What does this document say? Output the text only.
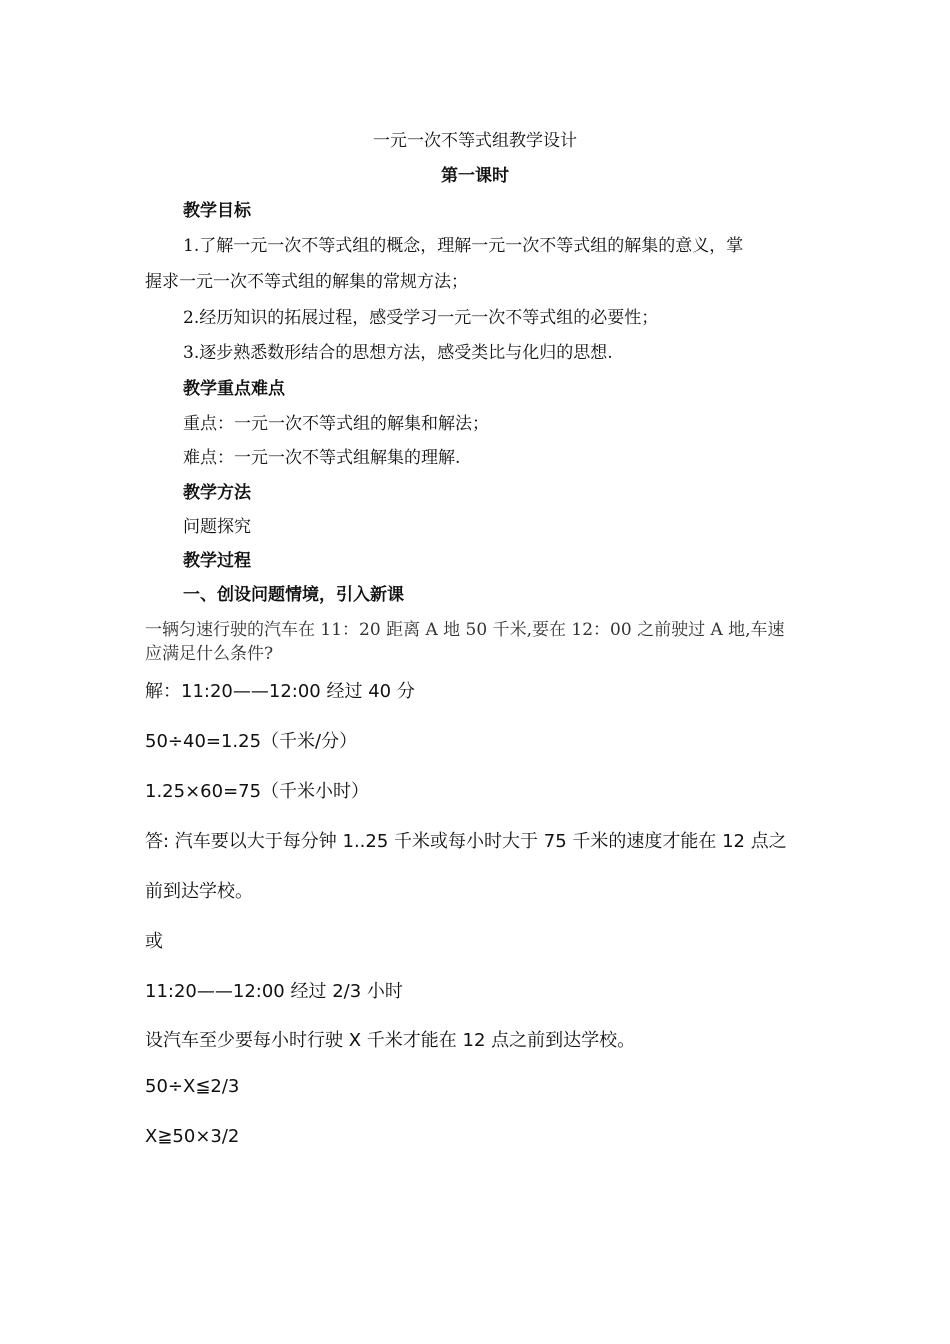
一元一次不等式组教学设计
第一课时
教学目标
1.了解一元一次不等式组的概念，理解一元一次不等式组的解集的意义，掌
握求一元一次不等式组的解集的常规方法；
2.经历知识的拓展过程，感受学习一元一次不等式组的必要性；
3.逐步熟悉数形结合的思想方法，感受类比与化归的思想.
教学重点难点
重点：一元一次不等式组的解集和解法；
难点：一元一次不等式组解集的理解.
教学方法
问题探究
教学过程
一、创设问题情境，引入新课
一辆匀速行驶的汽车在 11：20 距离 A 地 50 千米,要在 12：00 之前驶过 A 地,车速
应满足什么条件?
解：11:20——12:00 经过 40 分
50÷40=1.25（千米/分）
1.25×60=75（千米小时）
答: 汽车要以大于每分钟 1..25 千米或每小时大于 75 千米的速度才能在 12 点之
前到达学校。
或
11:20——12:00 经过 2/3 小时
设汽车至少要每小时行驶 X 千米才能在 12 点之前到达学校。
50÷X≦2/3
X≧50×3/2
